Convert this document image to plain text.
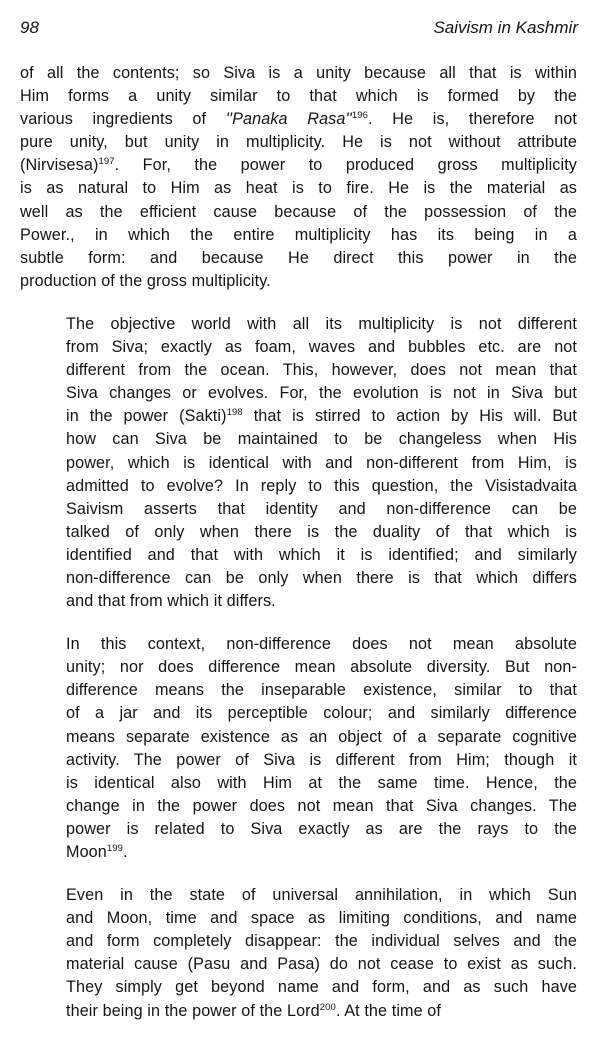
98	Saivism in Kashmir

of all the contents; so Siva is a unity because all that is within
Him forms a unity similar to that which is formed by the
various ingredients of ''Panaka $Rasa''^{196}$. He is, therefore not
pure unity, but unity in multiplicity. He is not without attribute
(Nirvisesa)$^{197}$. For, the power to produced gross multiplicity
is as natural to Him as heat is to fire. He is the material as
well as the efficient cause because of the possession of the
Power., in which the entire multiplicity has its being in a
subtle form: and because He direct this power in the
production of the gross multiplicity.

The objective world with all its multiplicity is not different
from Siva; exactly as foam, waves and bubbles etc. are not
different from the ocean. This, however, does not mean that
Siva changes or evolves. For, the evolution is not in Siva but
in the power (Sakti)$^{198}$ that is stirred to action by His will. But
how can Siva be maintained to be changeless when His
power, which is identical with and non-different from Him, is
admitted to evolve? In reply to this question, the Visistadvaita
Saivism asserts that identity and non-difference can be
talked of only when there is the duality of that which is
identified and that with which it is identified; and similarly
non-difference can be only when there is that which differs
and that from which it differs.

In this context, non-difference does not mean absolute
unity; nor does difference mean absolute diversity. But non-
difference means the inseparable existence, similar to that
of a jar and its perceptible colour; and similarly difference
means separate existence as an object of a separate cognitive
activity. The power of Siva is different from Him; though it
is identical also with Him at the same time. Hence, the
change in the power does not mean that Siva changes. The
power is related to Siva exactly as are the rays to the
Moon$^{199}$.

Even in the state of universal annihilation, in which Sun
and Moon, time and space as limiting conditions, and name
and form completely disappear: the individual selves and the
material cause (Pasu and Pasa) do not cease to exist as such.
They simply get beyond name and form, and as such have
their being in the power of the Lord$^{200}$. At the time of
